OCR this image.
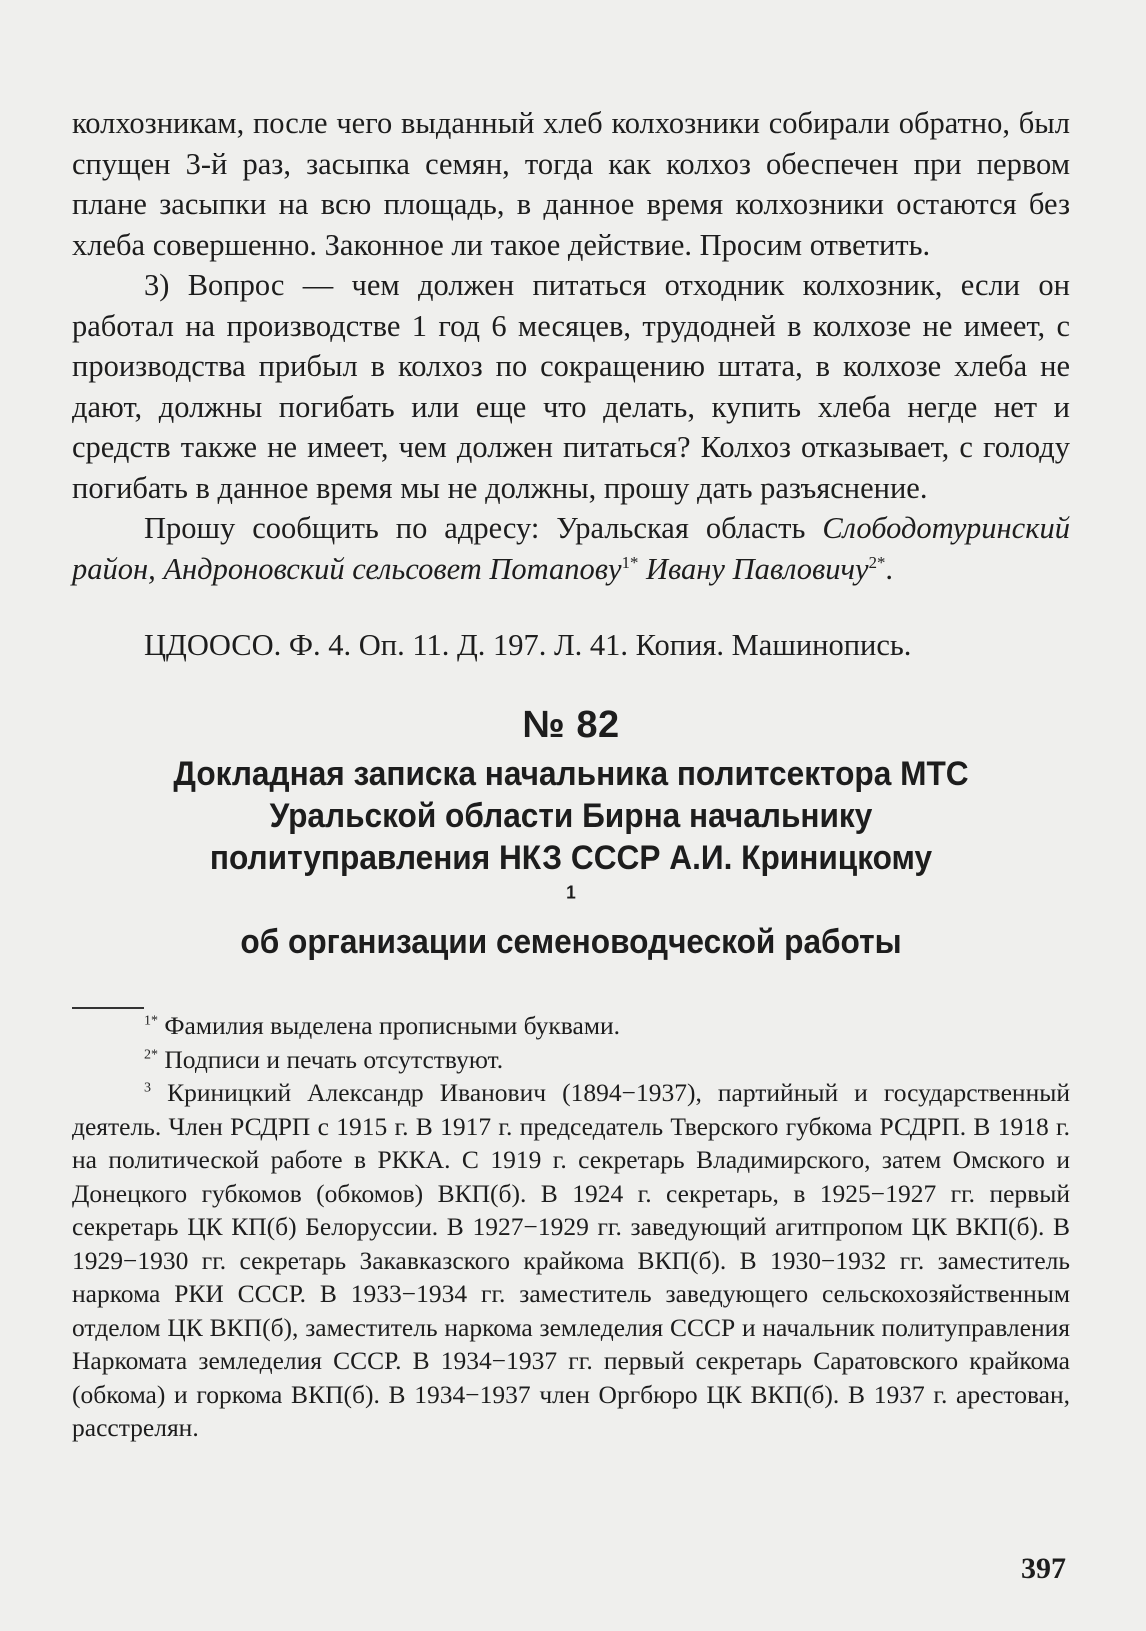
колхозникам, после чего выданный хлеб колхозники собирали обратно, был спущен 3-й раз, засыпка семян, тогда как колхоз обеспечен при первом плане засыпки на всю площадь, в данное время колхозники остаются без хлеба совершенно. Законное ли такое действие. Просим ответить.

3) Вопрос — чем должен питаться отходник колхозник, если он работал на производстве 1 год 6 месяцев, трудодней в колхозе не имеет, с производства прибыл в колхоз по сокращению штата, в колхозе хлеба не дают, должны погибать или еще что делать, купить хлеба негде нет и средств также не имеет, чем должен питаться? Колхоз отказывает, с голоду погибать в данное время мы не должны, прошу дать разъяснение.

Прошу сообщить по адресу: Уральская область Слободотуринский район, Андроновский сельсовет Потапову$^{1*}$ Ивану Павловичу$^{2*}$.

ЦДООСО. Ф. 4. Оп. 11. Д. 197. Л. 41. Копия. Машинопись.

№ 82
Докладная записка начальника политсектора МТС
Уральской области Бирна начальнику
политуправления НКЗ СССР А.И. Криницкому
$^1$
об организации семеноводческой работы

$^{1*}$ Фамилия выделена прописными буквами.

$^{2*}$ Подписи и печать отсутствуют.

$^3$ Криницкий Александр Иванович (1894−1937), партийный и государственный деятель. Член РСДРП с 1915 г. В 1917 г. председатель Тверского губкома РСДРП. В 1918 г. на политической работе в РККА. С 1919 г. секретарь Владимирского, затем Омского и Донецкого губкомов (обкомов) ВКП(б). В 1924 г. секретарь, в 1925−1927 гг. первый секретарь ЦК КП(б) Белоруссии. В 1927−1929 гг. заведующий агитпропом ЦК ВКП(б). В 1929−1930 гг. секретарь Закавказского крайкома ВКП(б). В 1930−1932 гг. заместитель наркома РКИ СССР. В 1933−1934 гг. заместитель заведующего сельскохозяйственным отделом ЦК ВКП(б), заместитель наркома земледелия СССР и начальник политуправления Наркомата земледелия СССР. В 1934−1937 гг. первый секретарь Саратовского крайкома (обкома) и горкома ВКП(б). В 1934−1937 член Оргбюро ЦК ВКП(б). В 1937 г. арестован, расстрелян.

397
